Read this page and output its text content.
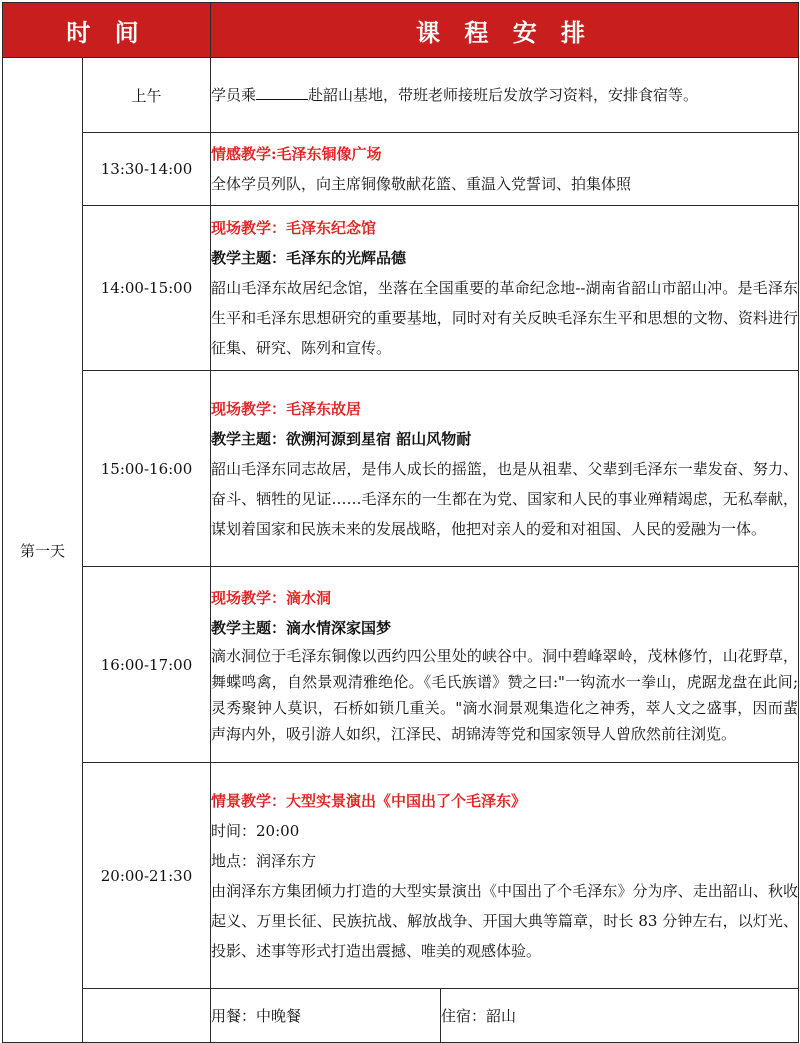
时 间		课 程 安 排	
第一天	上午	学员乘 赴韶山基地，带班老师接班后发放学习资料，安排食宿等。	

	13:30-14:00	情感教学:毛泽东铜像广场

全体学员列队，向主席铜像敬献花篮、重温入党誓词、拍集体照	

	14:00-15:00	现场教学：毛泽东纪念馆

教学主题：毛泽东的光辉品德

韶山毛泽东故居纪念馆，坐落在全国重要的革命纪念地--湖南省韶山市韶山冲。是毛泽东生平和毛泽东思想研究的重要基地，同时对有关反映毛泽东生平和思想的文物、资料进行征集、研究、陈列和宣传。	

	15:00-16:00	现场教学：毛泽东故居

教学主题：欲溯河源到星宿 韶山风物耐

韶山毛泽东同志故居，是伟人成长的摇篮，也是从祖辈、父辈到毛泽东一辈发奋、努力、奋斗、牺牲的见证……毛泽东的一生都在为党、国家和人民的事业殚精竭虑，无私奉献，谋划着国家和民族未来的发展战略，他把对亲人的爱和对祖国、人民的爱融为一体。	

	16:00-17:00	现场教学：滴水洞

教学主题：滴水情深家国梦

滴水洞位于毛泽东铜像以西约四公里处的峡谷中。洞中碧峰翠岭，茂林修竹，山花野草，舞蝶鸣禽，自然景观清雅绝伦。《毛氏族谱》赞之曰:"一钩流水一拳山，虎踞龙盘在此间;灵秀聚钟人莫识，石桥如锁几重关。"滴水洞景观集造化之神秀，萃人文之盛事，因而蜚声海内外，吸引游人如织，江泽民、胡锦涛等党和国家领导人曾欣然前往浏览。	

	20:00-21:30	情景教学：大型实景演出《中国出了个毛泽东》

时间：20:00

地点：润泽东方

由润泽东方集团倾力打造的大型实景演出《中国出了个毛泽东》分为序、走出韶山、秋收起义、万里长征、民族抗战、解放战争、开国大典等篇章，时长 83 分钟左右，以灯光、投影、述事等形式打造出震撼、唯美的观感体验。	

		用餐：中晚餐	住宿：韶山
